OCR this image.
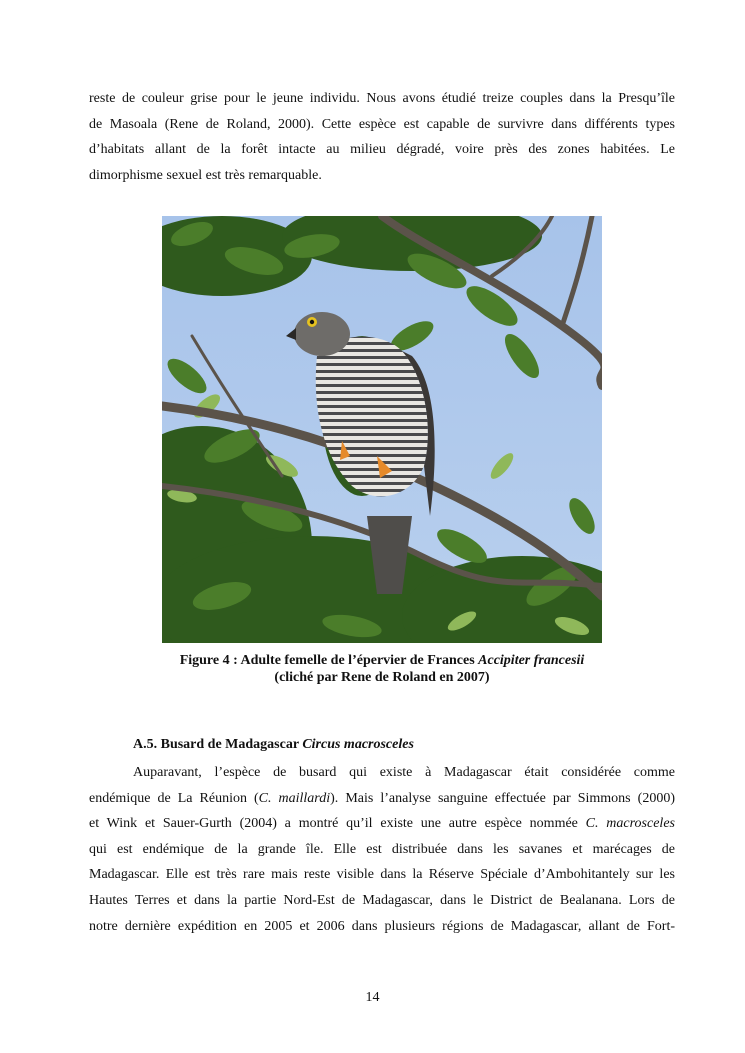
reste de couleur grise pour le jeune individu. Nous avons étudié treize couples dans la Presqu’île
de Masoala (Rene de Roland, 2000). Cette espèce est capable de survivre dans différents types
d’habitats allant de la forêt intacte au milieu dégradé, voire près des zones habitées. Le
dimorphisme sexuel est très remarquable.
Figure 4 : Adulte femelle de l’épervier de Frances Accipiter francesii
(cliché par Rene de Roland en 2007)
A.5. Busard de Madagascar Circus macrosceles
Auparavant, l’espèce de busard qui existe à Madagascar était considérée comme
endémique de La Réunion (C. maillardi). Mais l’analyse sanguine effectuée par Simmons (2000)
et Wink et Sauer-Gurth (2004) a montré qu’il existe une autre espèce nommée C. macrosceles
qui est endémique de la grande île. Elle est distribuée dans les savanes et marécages de
Madagascar. Elle est très rare mais reste visible dans la Réserve Spéciale d’Ambohitantely sur les
Hautes Terres et dans la partie Nord-Est de Madagascar, dans le District de Bealanana. Lors de
notre dernière expédition en 2005 et 2006 dans plusieurs régions de Madagascar, allant de Fort-
14
